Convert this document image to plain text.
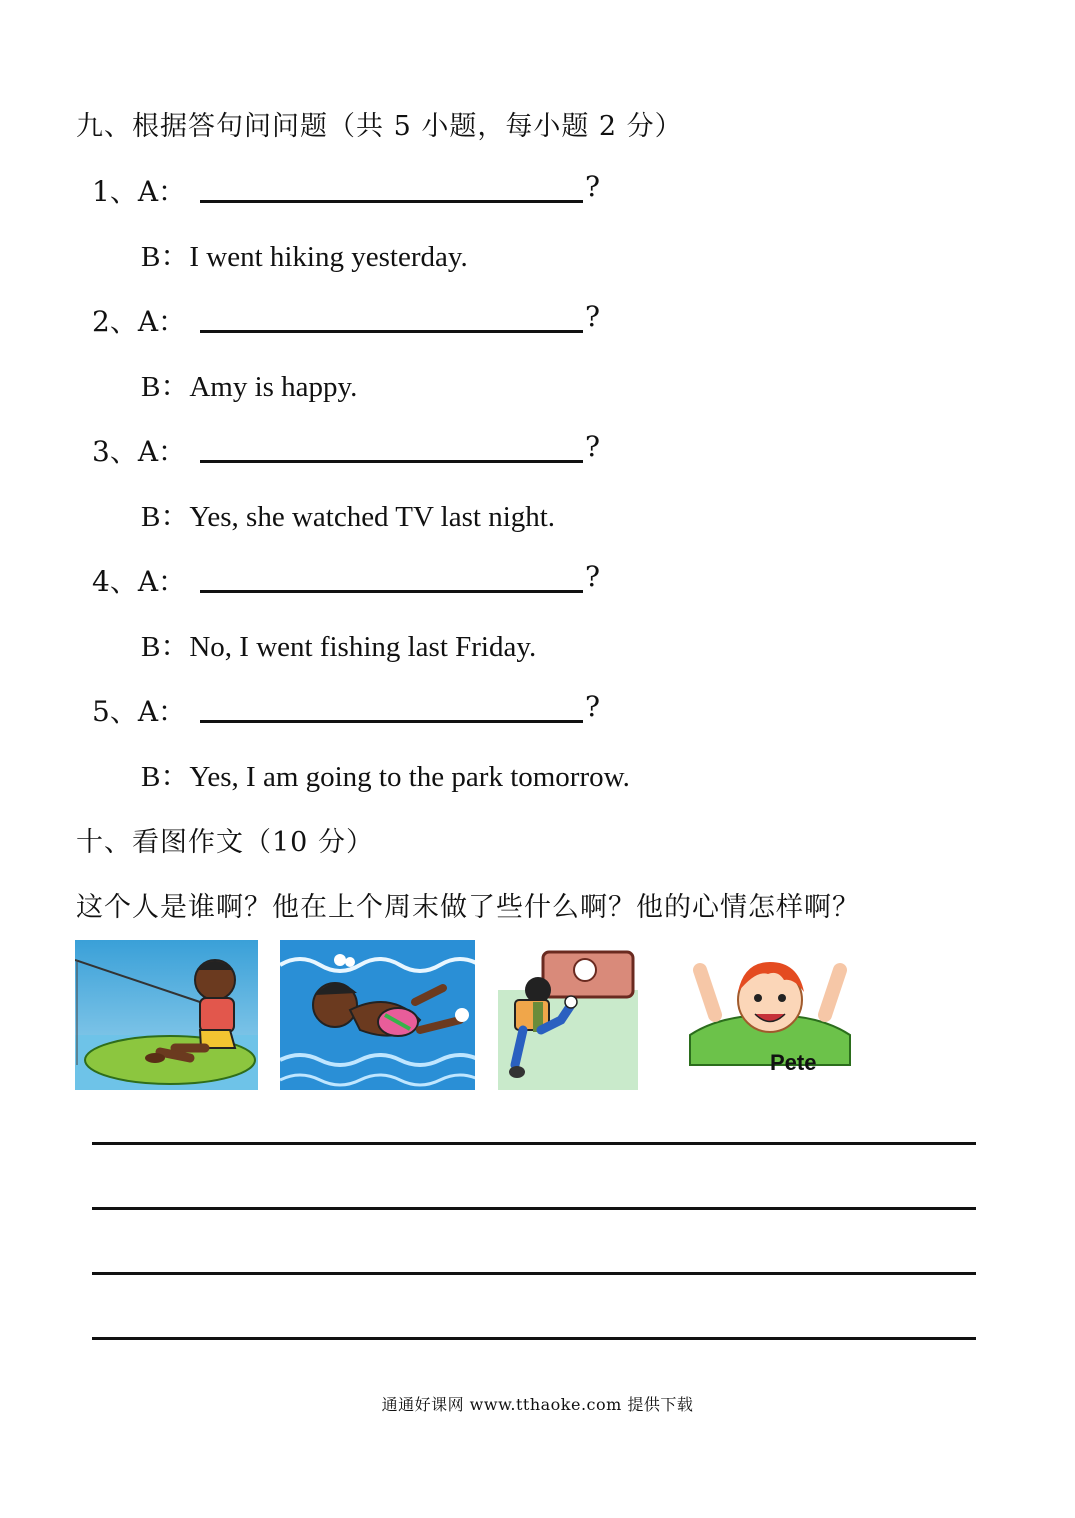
九、根据答句问问题（共 5 小题，每小题 2 分）
1、A：	?
B：I went hiking yesterday.
2、A：	?
B：Amy is happy.
3、A：	?
B：Yes, she watched TV last night.
4、A：	?
B：No, I went fishing last Friday.
5、A：	?
B：Yes, I am going to the park tomorrow.
十、看图作文（10 分）
这个人是谁啊？他在上个周末做了些什么啊？他的心情怎样啊？
Pete
通通好课网 www.tthaoke.com 提供下载
